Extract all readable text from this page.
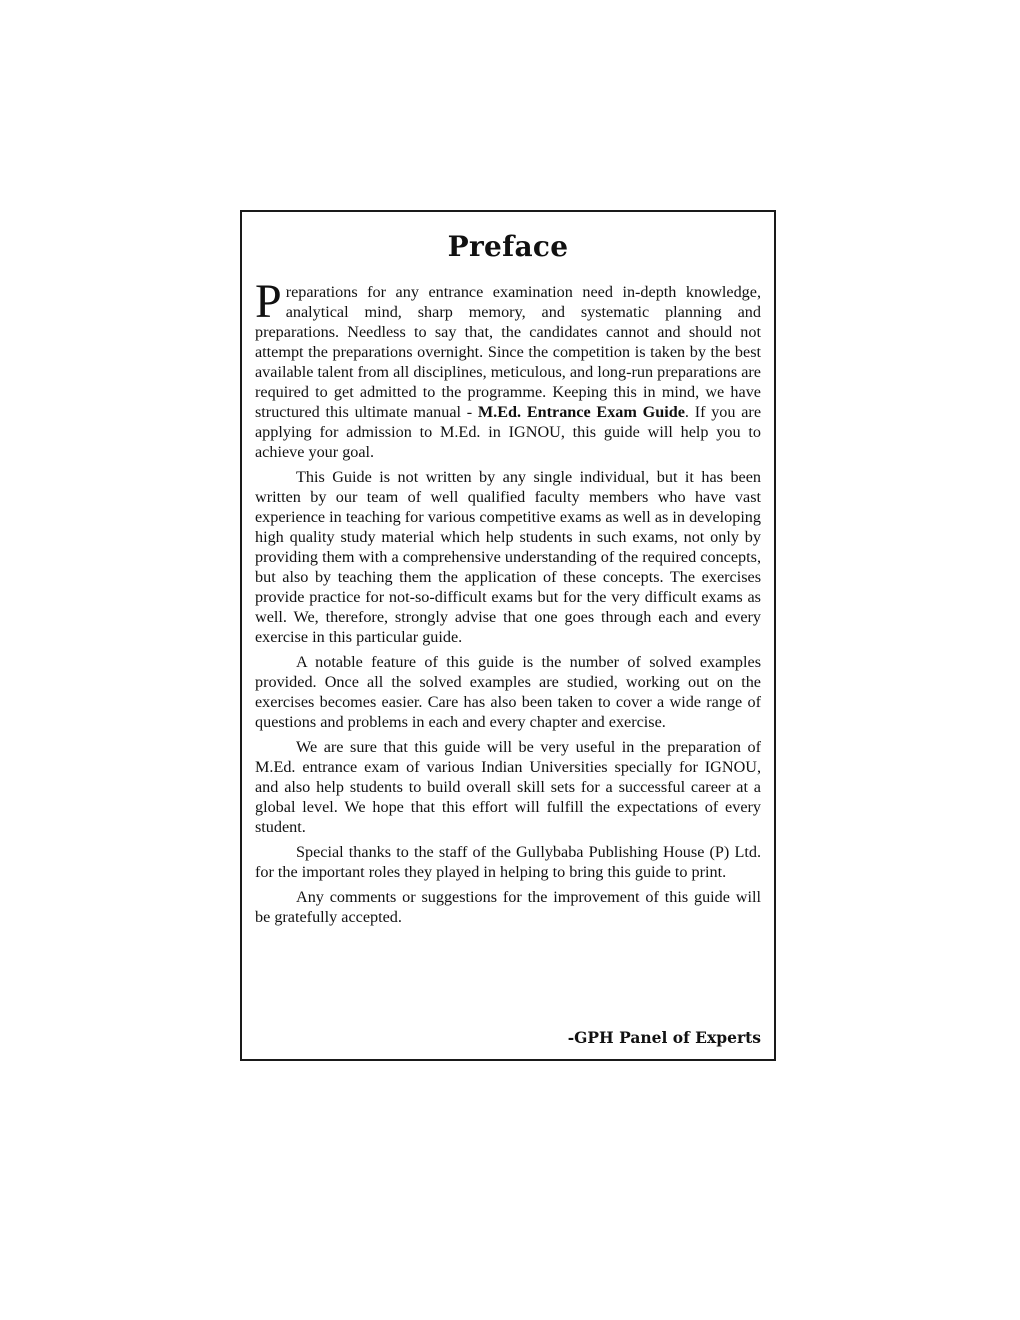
Preface

Preparations for any entrance examination need in-depth knowledge, analytical mind, sharp memory, and systematic planning and preparations. Needless to say that, the candidates cannot and should not attempt the preparations overnight. Since the competition is taken by the best available talent from all disciplines, meticulous, and long-run preparations are required to get admitted to the programme. Keeping this in mind, we have structured this ultimate manual - M.Ed. Entrance Exam Guide. If you are applying for admission to M.Ed. in IGNOU, this guide will help you to achieve your goal.

This Guide is not written by any single individual, but it has been written by our team of well qualified faculty members who have vast experience in teaching for various competitive exams as well as in developing high quality study material which help students in such exams, not only by providing them with a comprehensive understanding of the required concepts, but also by teaching them the application of these concepts. The exercises provide practice for not-so-difficult exams but for the very difficult exams as well. We, therefore, strongly advise that one goes through each and every exercise in this particular guide.

A notable feature of this guide is the number of solved examples provided. Once all the solved examples are studied, working out on the exercises becomes easier. Care has also been taken to cover a wide range of questions and problems in each and every chapter and exercise.

We are sure that this guide will be very useful in the preparation of M.Ed. entrance exam of various Indian Universities specially for IGNOU, and also help students to build overall skill sets for a successful career at a global level. We hope that this effort will fulfill the expectations of every student.

Special thanks to the staff of the Gullybaba Publishing House (P) Ltd. for the important roles they played in helping to bring this guide to print.

Any comments or suggestions for the improvement of this guide will be gratefully accepted.

-GPH Panel of Experts
